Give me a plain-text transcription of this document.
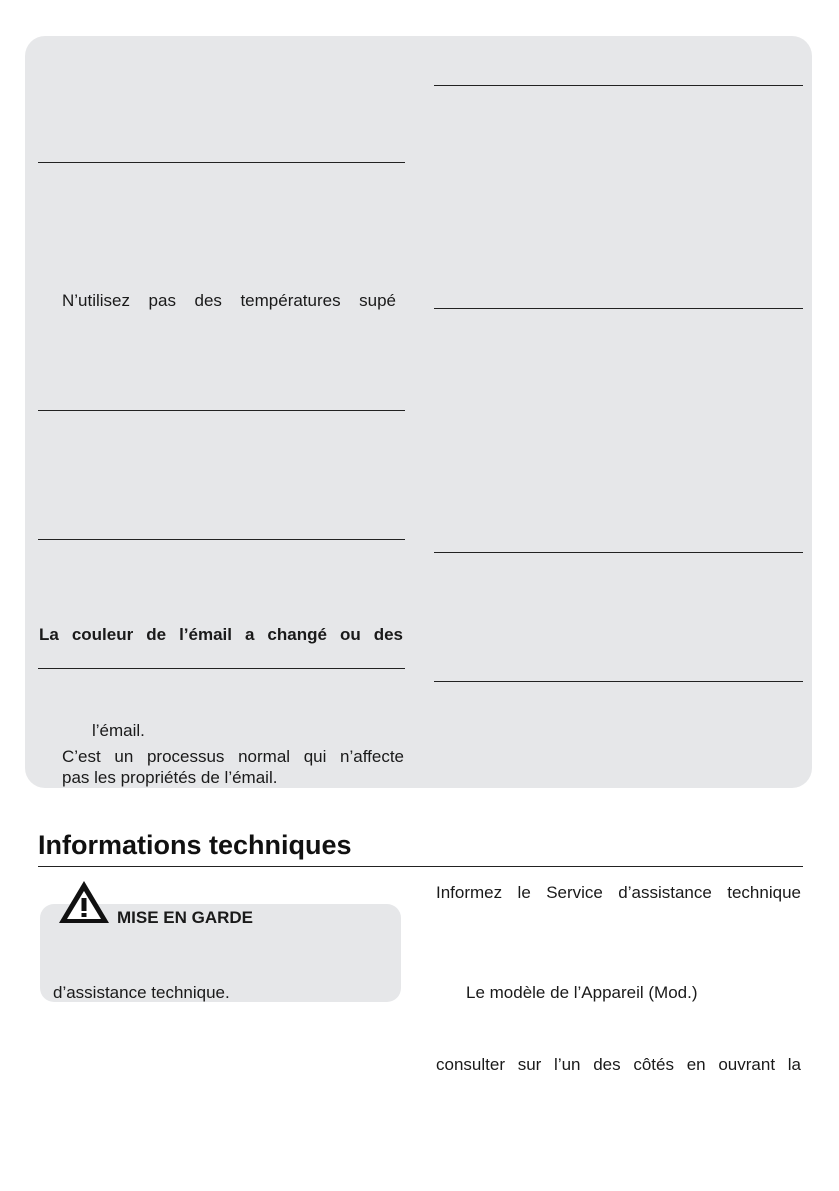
N’utilisez pas des températures supé
La couleur de l’émail a changé ou des
l’émail.
C’est un processus normal qui n’affecte
pas les propriétés de l’émail.
Informations techniques
MISE EN GARDE
d’assistance technique.
Informez le Service d’assistance technique
Le modèle de l’Appareil (Mod.)
consulter sur l’un des côtés en ouvrant la
